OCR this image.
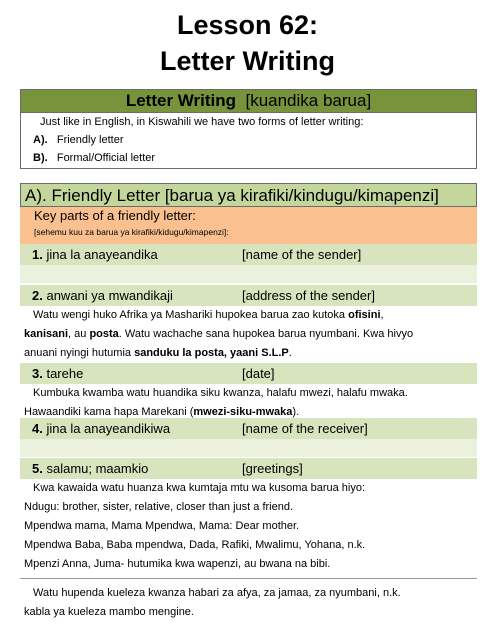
Lesson 62:
Letter Writing
Letter Writing [kuandika barua]
Just like in English, in Kiswahili we have two forms of letter writing:
A). Friendly letter
B). Formal/Official letter
A). Friendly Letter [barua ya kirafiki/kindugu/kimapenzi]
Key parts of a friendly letter:
[sehemu kuu za barua ya kirafiki/kidugu/kimapenzi]:
1. jina la anayeandika	[name of the sender]
2. anwani ya mwandikaji	[address of the sender]
Watu wengi huko Afrika ya Mashariki hupokea barua zao kutoka ofisini,
kanisani, au posta. Watu wachache sana hupokea barua nyumbani. Kwa hivyo
anuani nyingi hutumia sanduku la posta, yaani S.L.P.
3. tarehe	[date]
Kumbuka kwamba watu huandika siku kwanza, halafu mwezi, halafu mwaka.
Hawaandiki kama hapa Marekani (mwezi-siku-mwaka).
4. jina la anayeandikiwa	[name of the receiver]
5. salamu; maamkio	[greetings]
Kwa kawaida watu huanza kwa kumtaja mtu wa kusoma barua hiyo:
Ndugu: brother, sister, relative, closer than just a friend.
Mpendwa mama, Mama Mpendwa, Mama: Dear mother.
Mpendwa Baba, Baba mpendwa, Dada, Rafiki, Mwalimu, Yohana, n.k.
Mpenzi Anna, Juma- hutumika kwa wapenzi, au bwana na bibi.
Watu hupenda kueleza kwanza habari za afya, za jamaa, za nyumbani, n.k.
kabla ya kueleza mambo mengine.
